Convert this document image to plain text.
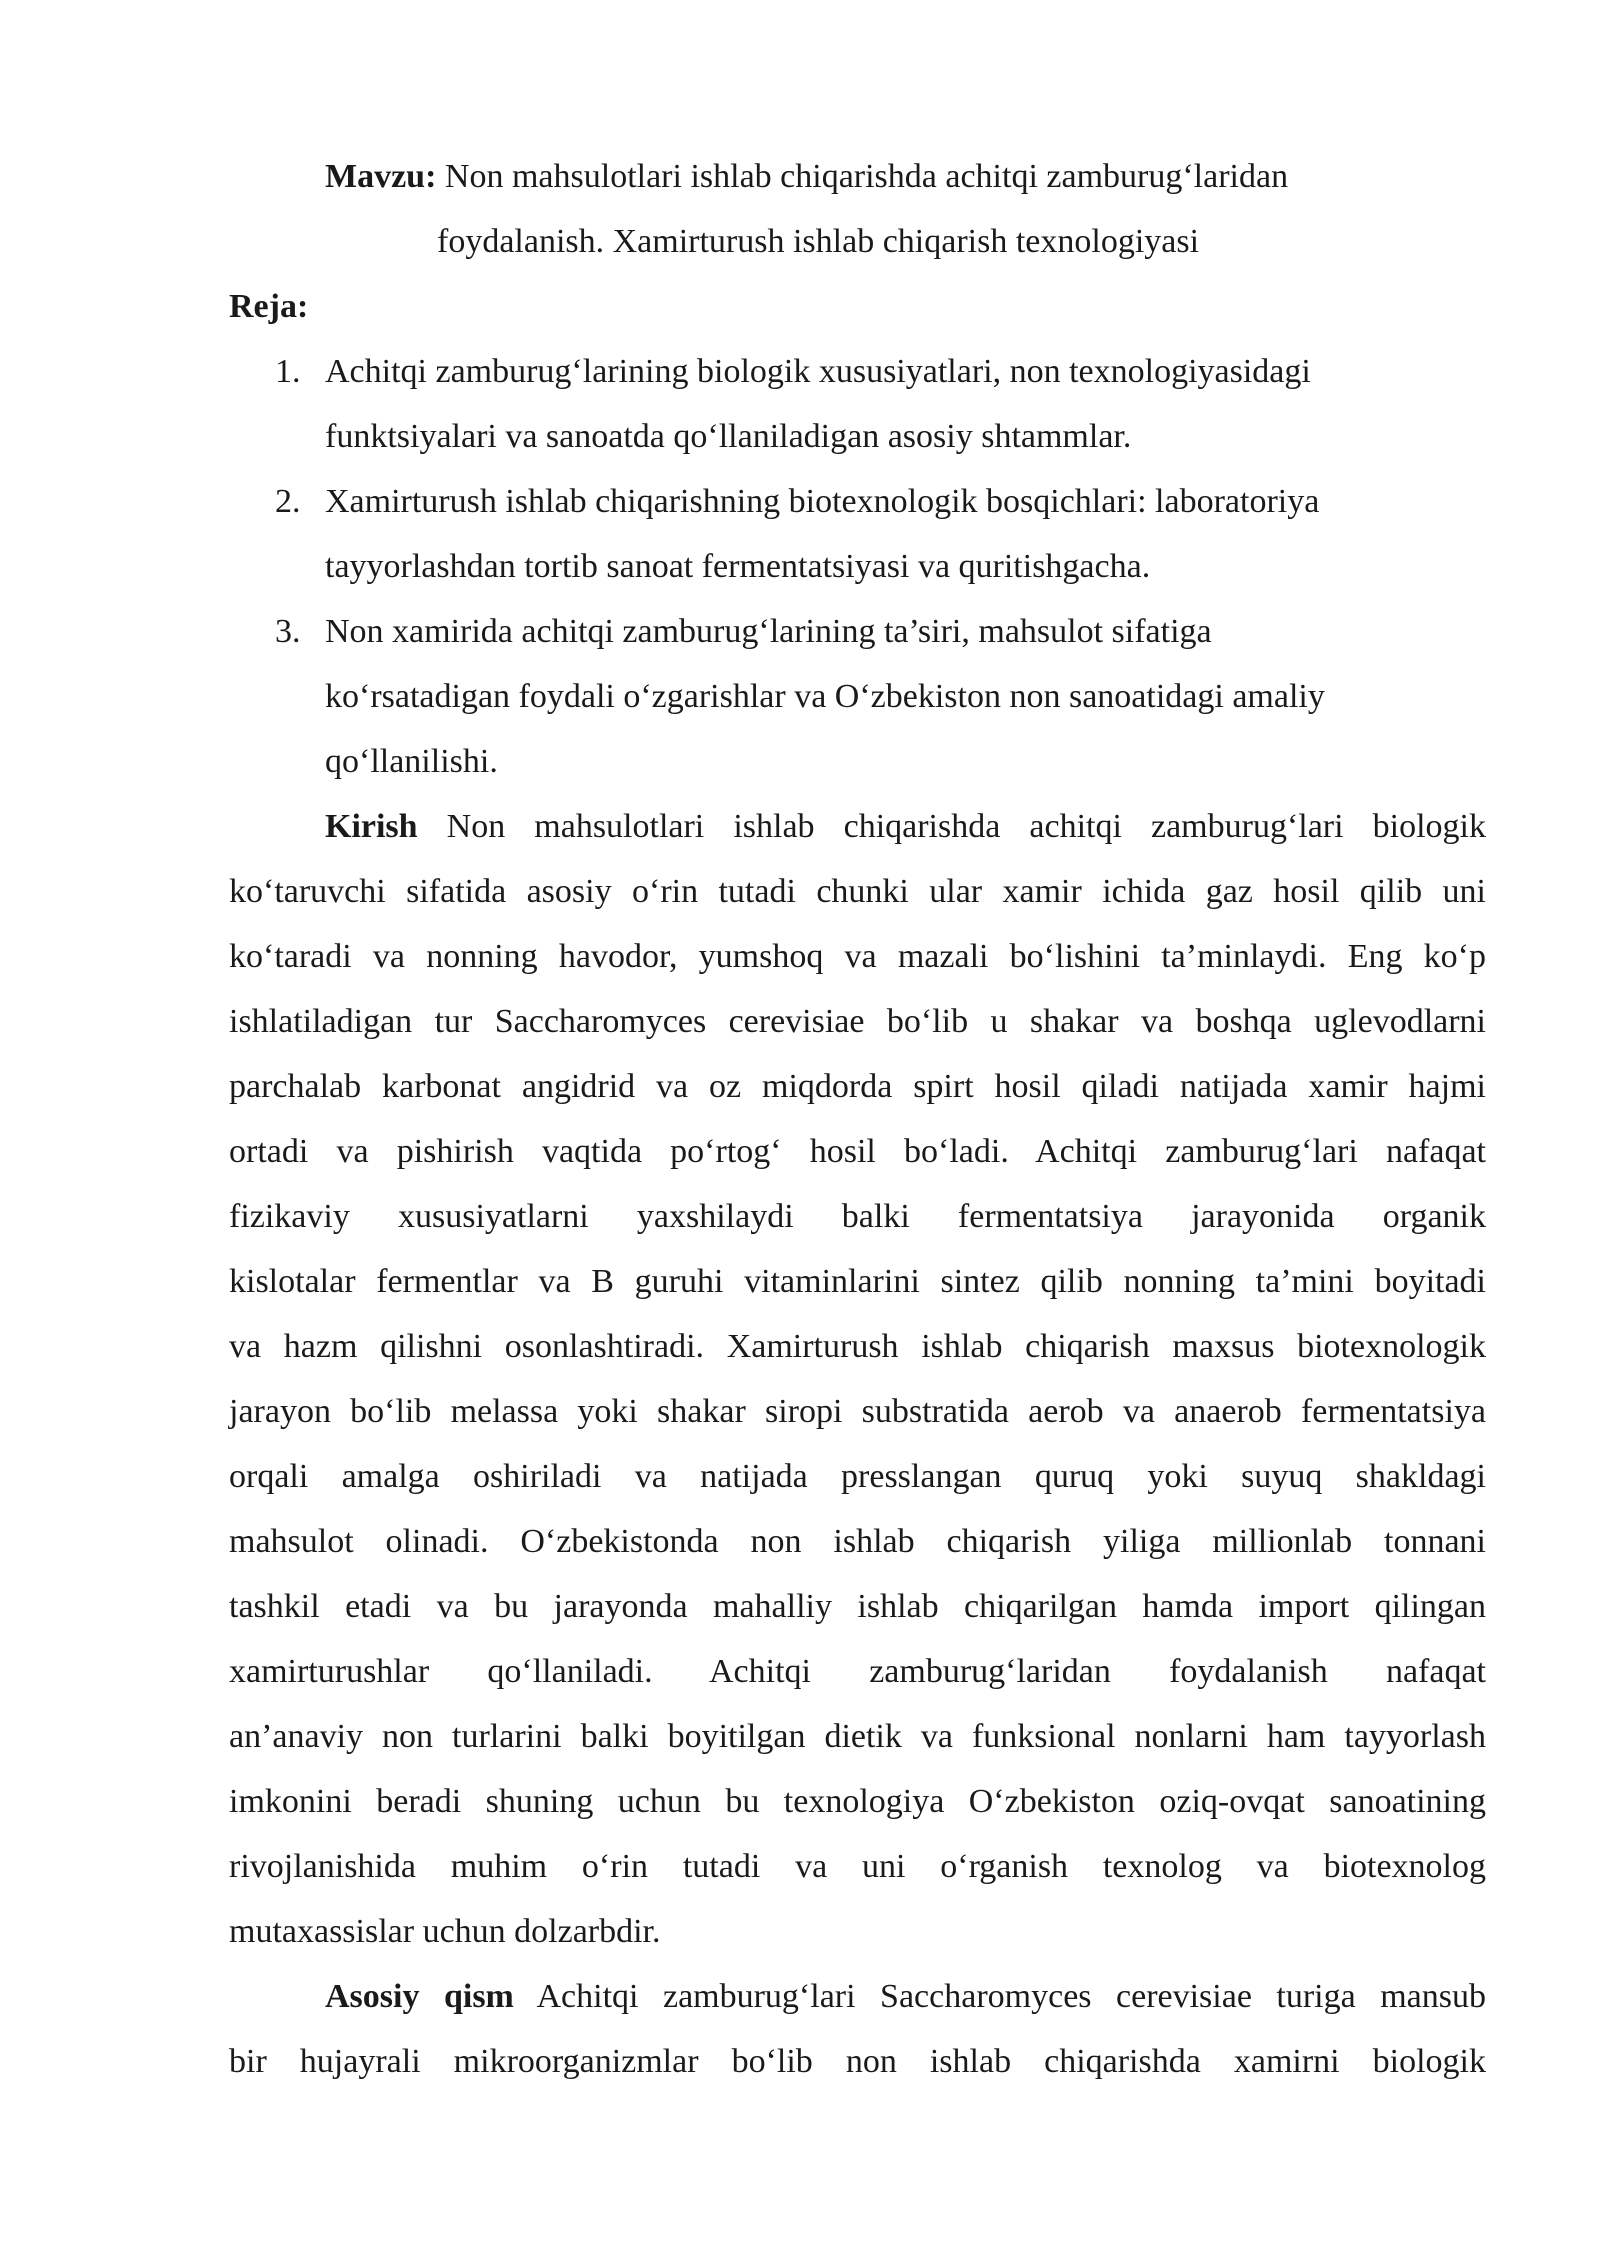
Mavzu: Non mahsulotlari ishlab chiqarishda achitqi zamburug‘laridan
foydalanish. Xamirturush ishlab chiqarish texnologiyasi

Reja:

1. Achitqi zamburug‘larining biologik xususiyatlari, non texnologiyasidagi
funktsiyalari va sanoatda qo‘llaniladigan asosiy shtammlar.
2. Xamirturush ishlab chiqarishning biotexnologik bosqichlari: laboratoriya
tayyorlashdan tortib sanoat fermentatsiyasi va quritishgacha.
3. Non xamirida achitqi zamburug‘larining ta’siri, mahsulot sifatiga
ko‘rsatadigan foydali o‘zgarishlar va O‘zbekiston non sanoatidagi amaliy
qo‘llanilishi.
Kirish Non mahsulotlari ishlab chiqarishda achitqi zamburug‘lari biologik
ko‘taruvchi sifatida asosiy o‘rin tutadi chunki ular xamir ichida gaz hosil qilib uni
ko‘taradi va nonning havodor, yumshoq va mazali bo‘lishini ta’minlaydi. Eng ko‘p
ishlatiladigan tur Saccharomyces cerevisiae bo‘lib u shakar va boshqa uglevodlarni
parchalab karbonat angidrid va oz miqdorda spirt hosil qiladi natijada xamir hajmi
ortadi va pishirish vaqtida po‘rtog‘ hosil bo‘ladi. Achitqi zamburug‘lari nafaqat
fizikaviy xususiyatlarni yaxshilaydi balki fermentatsiya jarayonida organik
kislotalar fermentlar va B guruhi vitaminlarini sintez qilib nonning ta’mini boyitadi
va hazm qilishni osonlashtiradi. Xamirturush ishlab chiqarish maxsus biotexnologik
jarayon bo‘lib melassa yoki shakar siropi substratida aerob va anaerob fermentatsiya
orqali amalga oshiriladi va natijada presslangan quruq yoki suyuq shakldagi
mahsulot olinadi. O‘zbekistonda non ishlab chiqarish yiliga millionlab tonnani
tashkil etadi va bu jarayonda mahalliy ishlab chiqarilgan hamda import qilingan
xamirturushlar qo‘llaniladi. Achitqi zamburug‘laridan foydalanish nafaqat
an’anaviy non turlarini balki boyitilgan dietik va funksional nonlarni ham tayyorlash
imkonini beradi shuning uchun bu texnologiya O‘zbekiston oziq-ovqat sanoatining
rivojlanishida muhim o‘rin tutadi va uni o‘rganish texnolog va biotexnolog
mutaxassislar uchun dolzarbdir.
Asosiy qism Achitqi zamburug‘lari Saccharomyces cerevisiae turiga mansub
bir hujayrali mikroorganizmlar bo‘lib non ishlab chiqarishda xamirni biologik
